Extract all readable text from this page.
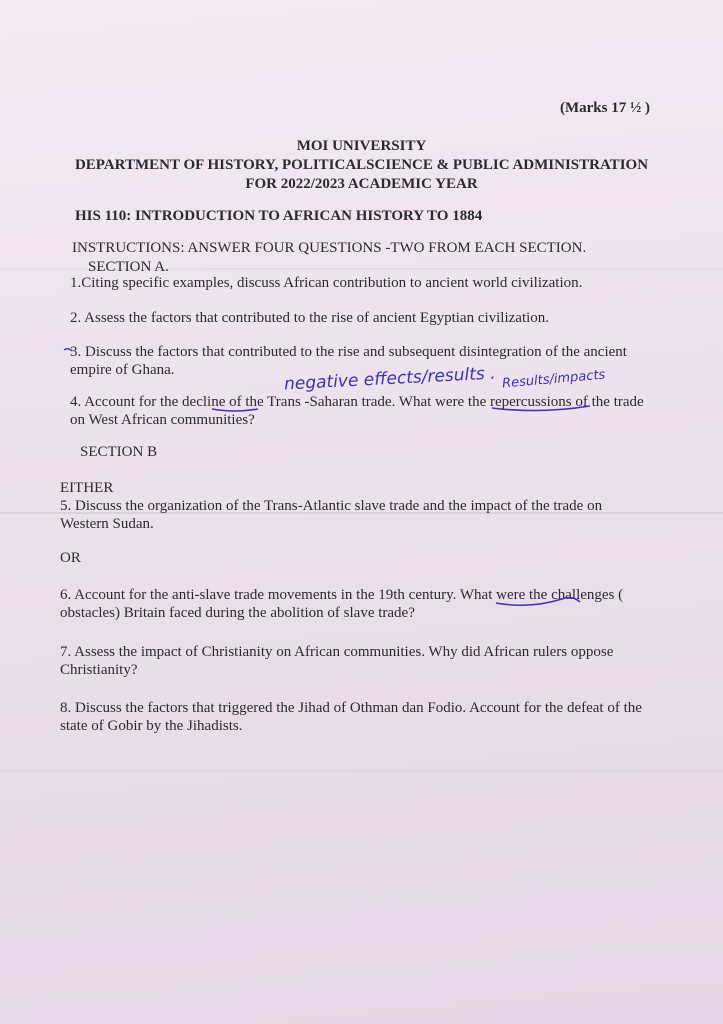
(Marks 17 ½ )
MOI UNIVERSITY
DEPARTMENT OF HISTORY, POLITICALSCIENCE & PUBLIC ADMINISTRATION
FOR 2022/2023 ACADEMIC YEAR
HIS 110: INTRODUCTION TO AFRICAN HISTORY TO 1884
INSTRUCTIONS: ANSWER FOUR QUESTIONS -TWO FROM EACH SECTION.
SECTION A.
1.Citing specific examples, discuss African contribution to ancient world civilization.
2. Assess the factors that contributed to the rise of ancient Egyptian civilization.
3. Discuss the factors that contributed to the rise and subsequent disintegration of the ancient
empire of Ghana.
4. Account for the decline of the Trans -Saharan trade. What were the repercussions of the trade
on West African communities?
negative effects/results . Results/impacts
SECTION B
EITHER
5. Discuss the organization of the Trans-Atlantic slave trade and the impact of the trade on
Western Sudan.
OR
6. Account for the anti-slave trade movements in the 19th century. What were the challenges (
obstacles) Britain faced during the abolition of slave trade?
7. Assess the impact of Christianity on African communities. Why did African rulers oppose
Christianity?
8. Discuss the factors that triggered the Jihad of Othman dan Fodio. Account for the defeat of the
state of Gobir by the Jihadists.
